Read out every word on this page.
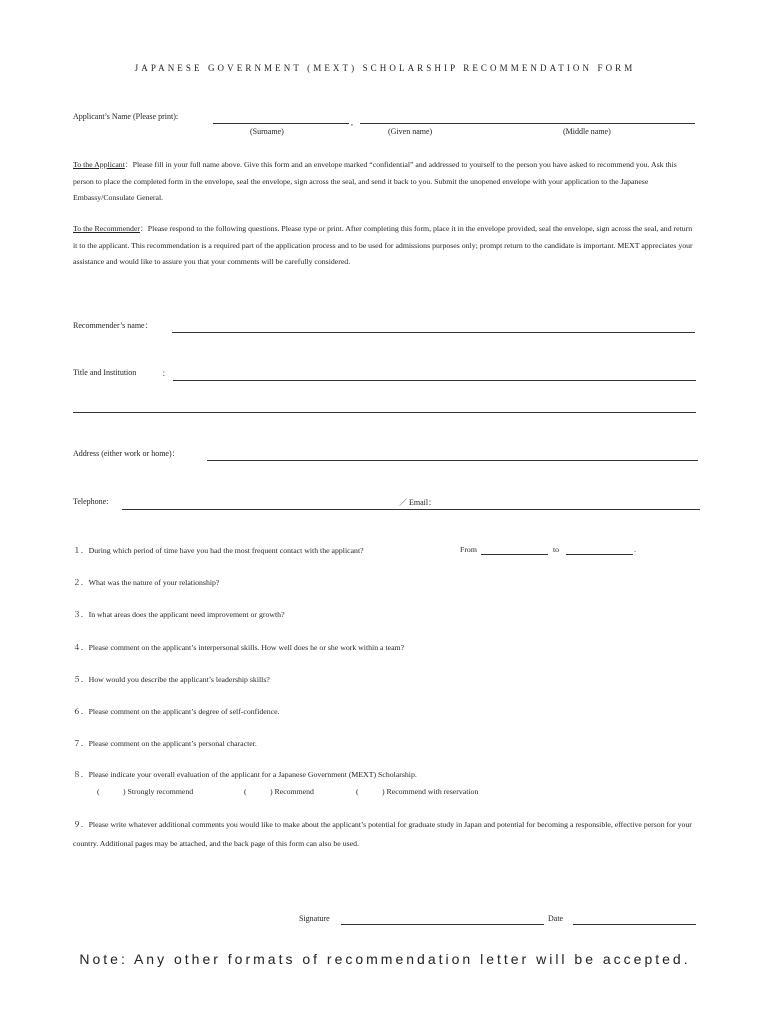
JAPANESE GOVERNMENT (MEXT) SCHOLARSHIP RECOMMENDATION FORM
Applicant’s Name (Please print):
,
(Surname)	(Given name)	(Middle name)
To the Applicant：Please fill in your full name above. Give this form and an envelope marked “confidential” and addressed to yourself to the person you have asked to recommend you. Ask this person to place the completed form in the envelope, seal the envelope, sign across the seal, and send it back to you. Submit the unopened envelope with your application to the Japanese Embassy/Consulate General.
To the Recommender：Please respond to the following questions. Please type or print. After completing this form, place it in the envelope provided, seal the envelope, sign across the seal, and return it to the applicant. This recommendation is a required part of the application process and to be used for admissions purposes only; prompt return to the candidate is important. MEXT appreciates your assistance and would like to assure you that your comments will be carefully considered.
Recommender’s name：
Title and Institution	：
Address (either work or home)：
Telephone:	／ Email：
１．During which period of time have you had the most frequent contact with the applicant?	From	to	.
２．What was the nature of your relationship?
３．In what areas does the applicant need improvement or growth?
４．Please comment on the applicant’s interpersonal skills. How well does he or she work within a team?
５．How would you describe the applicant’s leadership skills?
６．Please comment on the applicant’s degree of self-confidence.
７．Please comment on the applicant’s personal character.
８．Please indicate your overall evaluation of the applicant for a Japanese Government (MEXT) Scholarship.
(　　　) Strongly recommend	(　　　) Recommend	(　　　) Recommend with reservation
９．Please write whatever additional comments you would like to make about the applicant’s potential for graduate study in Japan and potential for becoming a responsible, effective person for your country. Additional pages may be attached, and the back page of this form can also be used.
Signature	Date
Note: Any other formats of recommendation letter will be accepted.
